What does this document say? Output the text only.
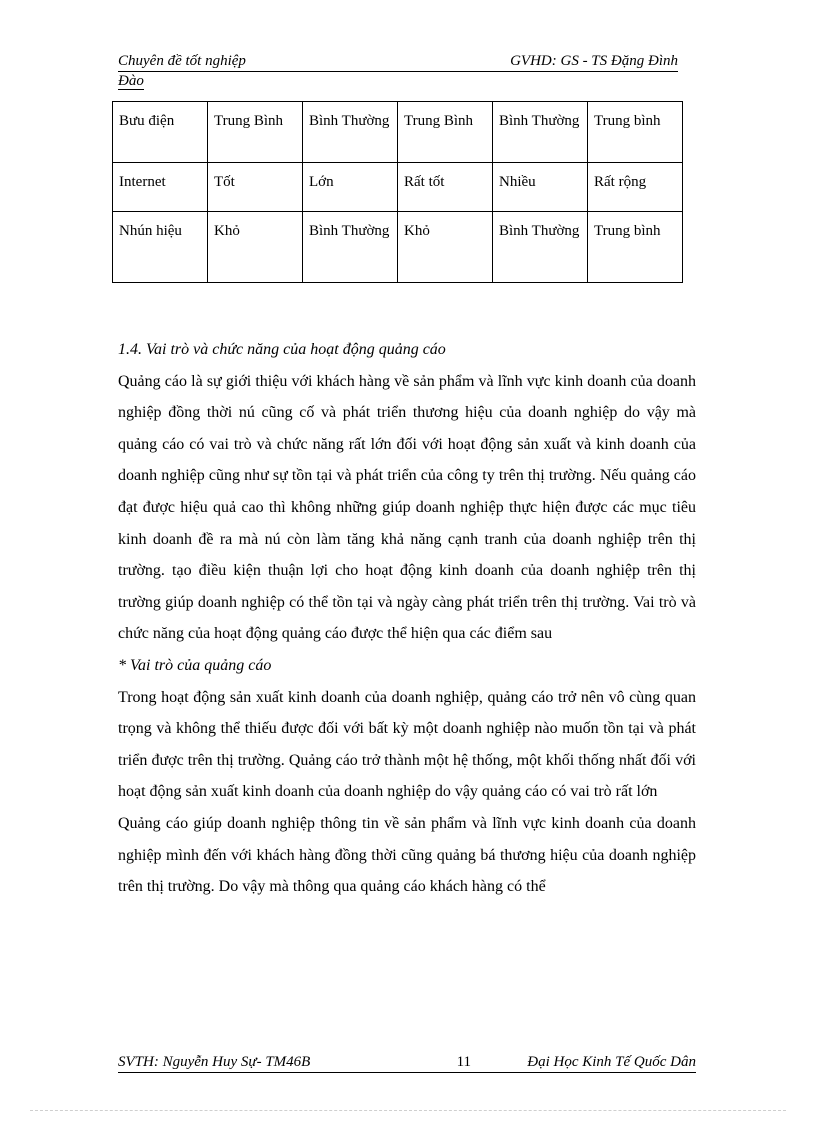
Chuyên đề tốt nghiệp	GVHD: GS - TS Đặng Đình
Đào
Bưu điện	Trung Bình	Bình Thường	Trung Bình	Bình Thường	Trung bình
Internet	Tốt	Lớn	Rất tốt	Nhiều	Rất rộng
Nhún hiệu	Khỏ	Bình Thường	Khỏ	Bình Thường	Trung bình

1.4. Vai trò và chức năng của hoạt động quảng cáo

Quảng cáo là sự giới thiệu với khách hàng về sản phẩm và lĩnh vực kinh doanh của doanh nghiệp đồng thời nú cũng cố và phát triển thương hiệu của doanh nghiệp do vậy mà quảng cáo có vai trò và chức năng rất lớn đối với hoạt động sản xuất và kinh doanh của doanh nghiệp cũng như sự tồn tại và phát triển của công ty trên thị trường. Nếu quảng cáo đạt được hiệu quả cao thì không những giúp doanh nghiệp thực hiện được các mục tiêu kinh doanh đề ra mà nú còn làm tăng khả năng cạnh tranh của doanh nghiệp trên thị trường. tạo điều kiện thuận lợi cho hoạt động kinh doanh của doanh nghiệp trên thị trường giúp doanh nghiệp có thể tồn tại và ngày càng phát triển trên thị trường. Vai trò và chức năng của hoạt động quảng cáo được thể hiện qua các điểm sau

* Vai trò của quảng cáo

Trong hoạt động sản xuất kinh doanh của doanh nghiệp, quảng cáo trở nên vô cùng quan trọng và không thể thiếu được đối với bất kỳ một doanh nghiệp nào muốn tồn tại và phát triển được trên thị trường. Quảng cáo trở thành một hệ thống, một khối thống nhất đối với hoạt động sản xuất kinh doanh của doanh nghiệp do vậy quảng cáo có vai trò rất lớn

Quảng cáo giúp doanh nghiệp thông tin về sản phẩm và lĩnh vực kinh doanh của doanh nghiệp mình đến với khách hàng đồng thời cũng quảng bá thương hiệu của doanh nghiệp trên thị trường. Do vậy mà thông qua quảng cáo khách hàng có thể

SVTH: Nguyễn Huy Sự- TM46B	11	Đại Học Kinh Tế Quốc Dân
